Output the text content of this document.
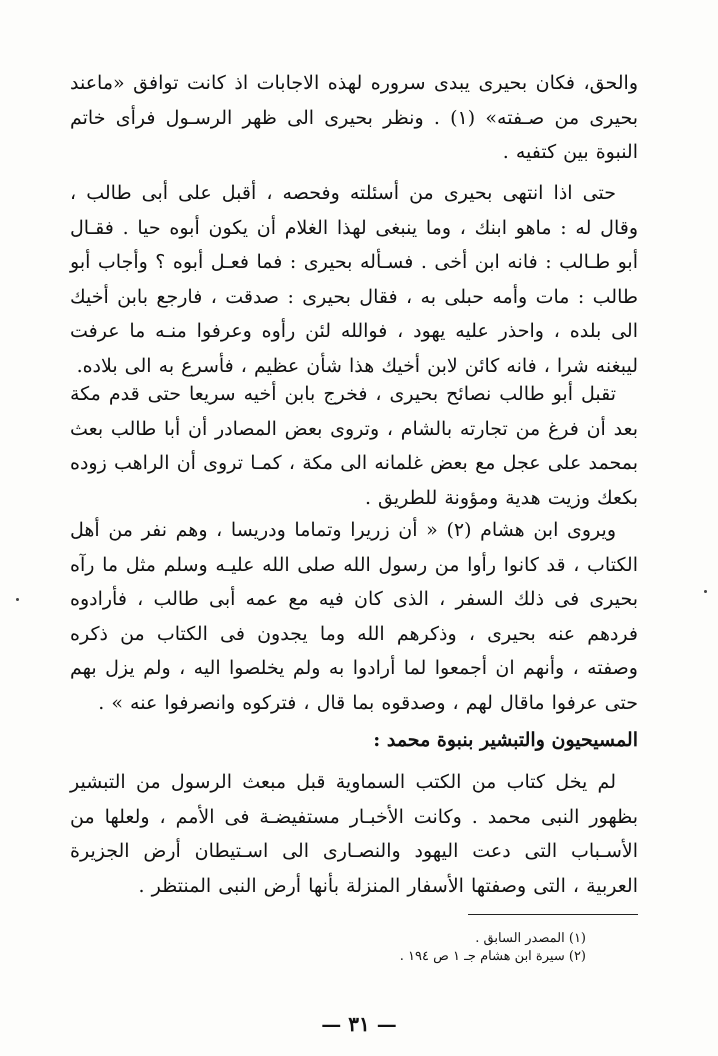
والحق، فكان بحيرى يبدى سروره لهذه الاجابات اذ كانت توافق «ماعند بحيرى من صـفته» (١) . ونظر بحيرى الى ظهر الرسـول فرأى خاتم النبوة بين كتفيه .
حتى اذا انتهى بحيرى من أسئلته وفحصه ، أقبل على أبى طالب ، وقال له : ماهو ابنك ، وما ينبغى لهذا الغلام أن يكون أبوه حيا . فقـال أبو طـالب : فانه ابن أخى . فسـأله بحيرى : فما فعـل أبوه ؟ وأجاب أبو طالب : مات وأمه حبلى به ، فقال بحيرى : صدقت ، فارجع بابن أخيك الى بلده ، واحذر عليه يهود ، فوالله لئن رأوه وعرفوا منـه ما عرفت ليبغنه شرا ، فانه كائن لابن أخيك هذا شأن عظيم ، فأسرع به الى بلاده.
تقبل أبو طالب نصائح بحيرى ، فخرج بابن أخيه سريعا حتى قدم مكة بعد أن فرغ من تجارته بالشام ، وتروى بعض المصادر أن أبا طالب بعث بمحمد على عجل مع بعض غلمانه الى مكة ، كمـا تروى أن الراهب زوده بكعك وزيت هدية ومؤونة للطريق .
ويروى ابن هشام (٢) « أن زريرا وتماما ودريسا ، وهم نفر من أهل الكتاب ، قد كانوا رأوا من رسول الله صلى الله عليـه وسلم مثل ما رآه بحيرى فى ذلك السفر ، الذى كان فيه مع عمه أبى طالب ، فأرادوه فردهم عنه بحيرى ، وذكرهم الله وما يجدون فى الكتاب من ذكره وصفته ، وأنهم ان أجمعوا لما أرادوا به ولم يخلصوا اليه ، ولم يزل بهم حتى عرفوا ماقال لهم ، وصدقوه بما قال ، فتركوه وانصرفوا عنه » .
المسيحيون والتبشير بنبوة محمد :
لم يخل كتاب من الكتب السماوية قبل مبعث الرسول من التبشير بظهور النبى محمد . وكانت الأخبـار مستفيضـة فى الأمم ، ولعلها من الأسـباب التى دعت اليهود والنصـارى الى اسـتيطان أرض الجزيرة العربية ، التى وصفتها الأسفار المنزلة بأنها أرض النبى المنتظر .
(١) المصدر السابق .
(٢) سيرة ابن هشام جـ ١ ص ١٩٤ .
— ٣١ —
